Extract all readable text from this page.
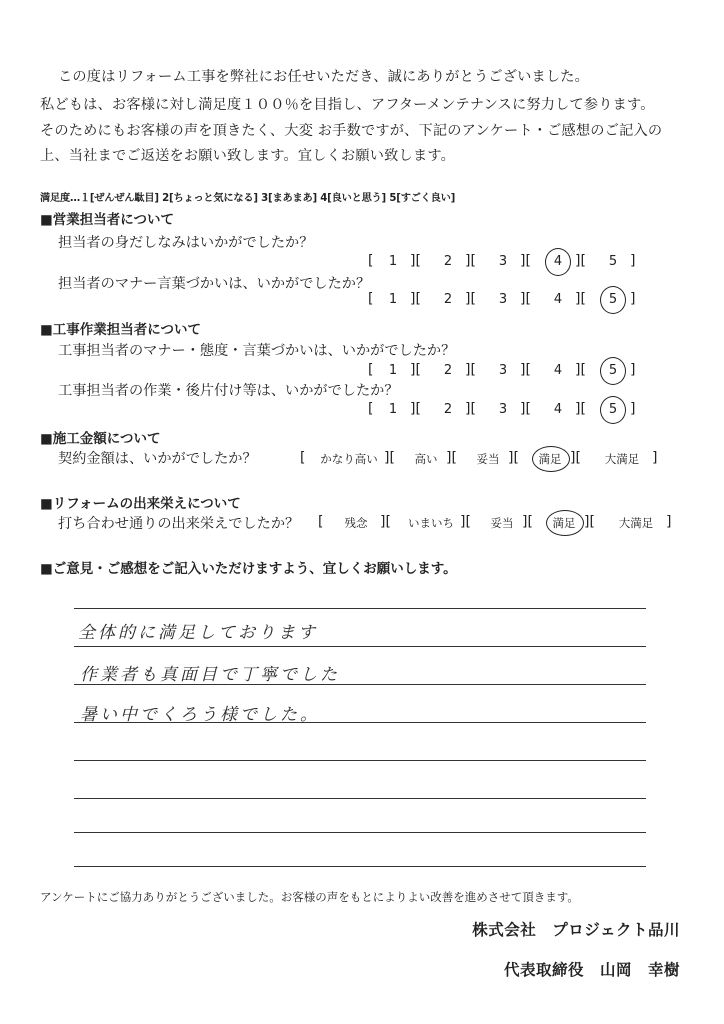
この度はリフォーム工事を弊社にお任せいただき、誠にありがとうございました。
私どもは、お客様に対し満足度１００％を目指し、アフターメンテナンスに努力して参ります。
そのためにもお客様の声を頂きたく、大変 お手数ですが、下記のアンケート・ご感想のご記入の
上、当社までご返送をお願い致します。宜しくお願い致します。
満足度…１[ぜんぜん駄目] 2[ちょっと気になる] 3[まあまあ] 4[良いと思う] 5[すごく良い]
■営業担当者について
担当者の身だしなみはいかがでしたか？
[	1 ][	2 ][	3 ][	4 ][	5 ]
担当者のマナー言葉づかいは、いかがでしたか？
[	1 ][	2 ][	3 ][	4 ][	5 ]
■工事作業担当者について
工事担当者のマナー・態度・言葉づかいは、いかがでしたか？
[	1 ][	2 ][	3 ][	4 ][	5 ]
工事担当者の作業・後片付け等は、いかがでしたか？
[	1 ][	2 ][	3 ][	4 ][	5 ]
■施工金額について
契約金額は、いかがでしたか？	[	かなり高い ][	高い ][	妥当 ][	満足 ][	大満足 ]
■リフォームの出来栄えについて
打ち合わせ通りの出来栄えでしたか？ [	残念 ][	いまいち ][	妥当 ][	満足 ][	大満足 ]
■ご意見・ご感想をご記入いただけますよう、宜しくお願いします。
全体的に満足しております
作業者も真面目で丁寧でした
暑い中でくろう様でした。
アンケートにご協力ありがとうございました。お客様の声をもとによりよい改善を進めさせて頂きます。
株式会社　プロジェクト品川
代表取締役　山岡　幸樹
